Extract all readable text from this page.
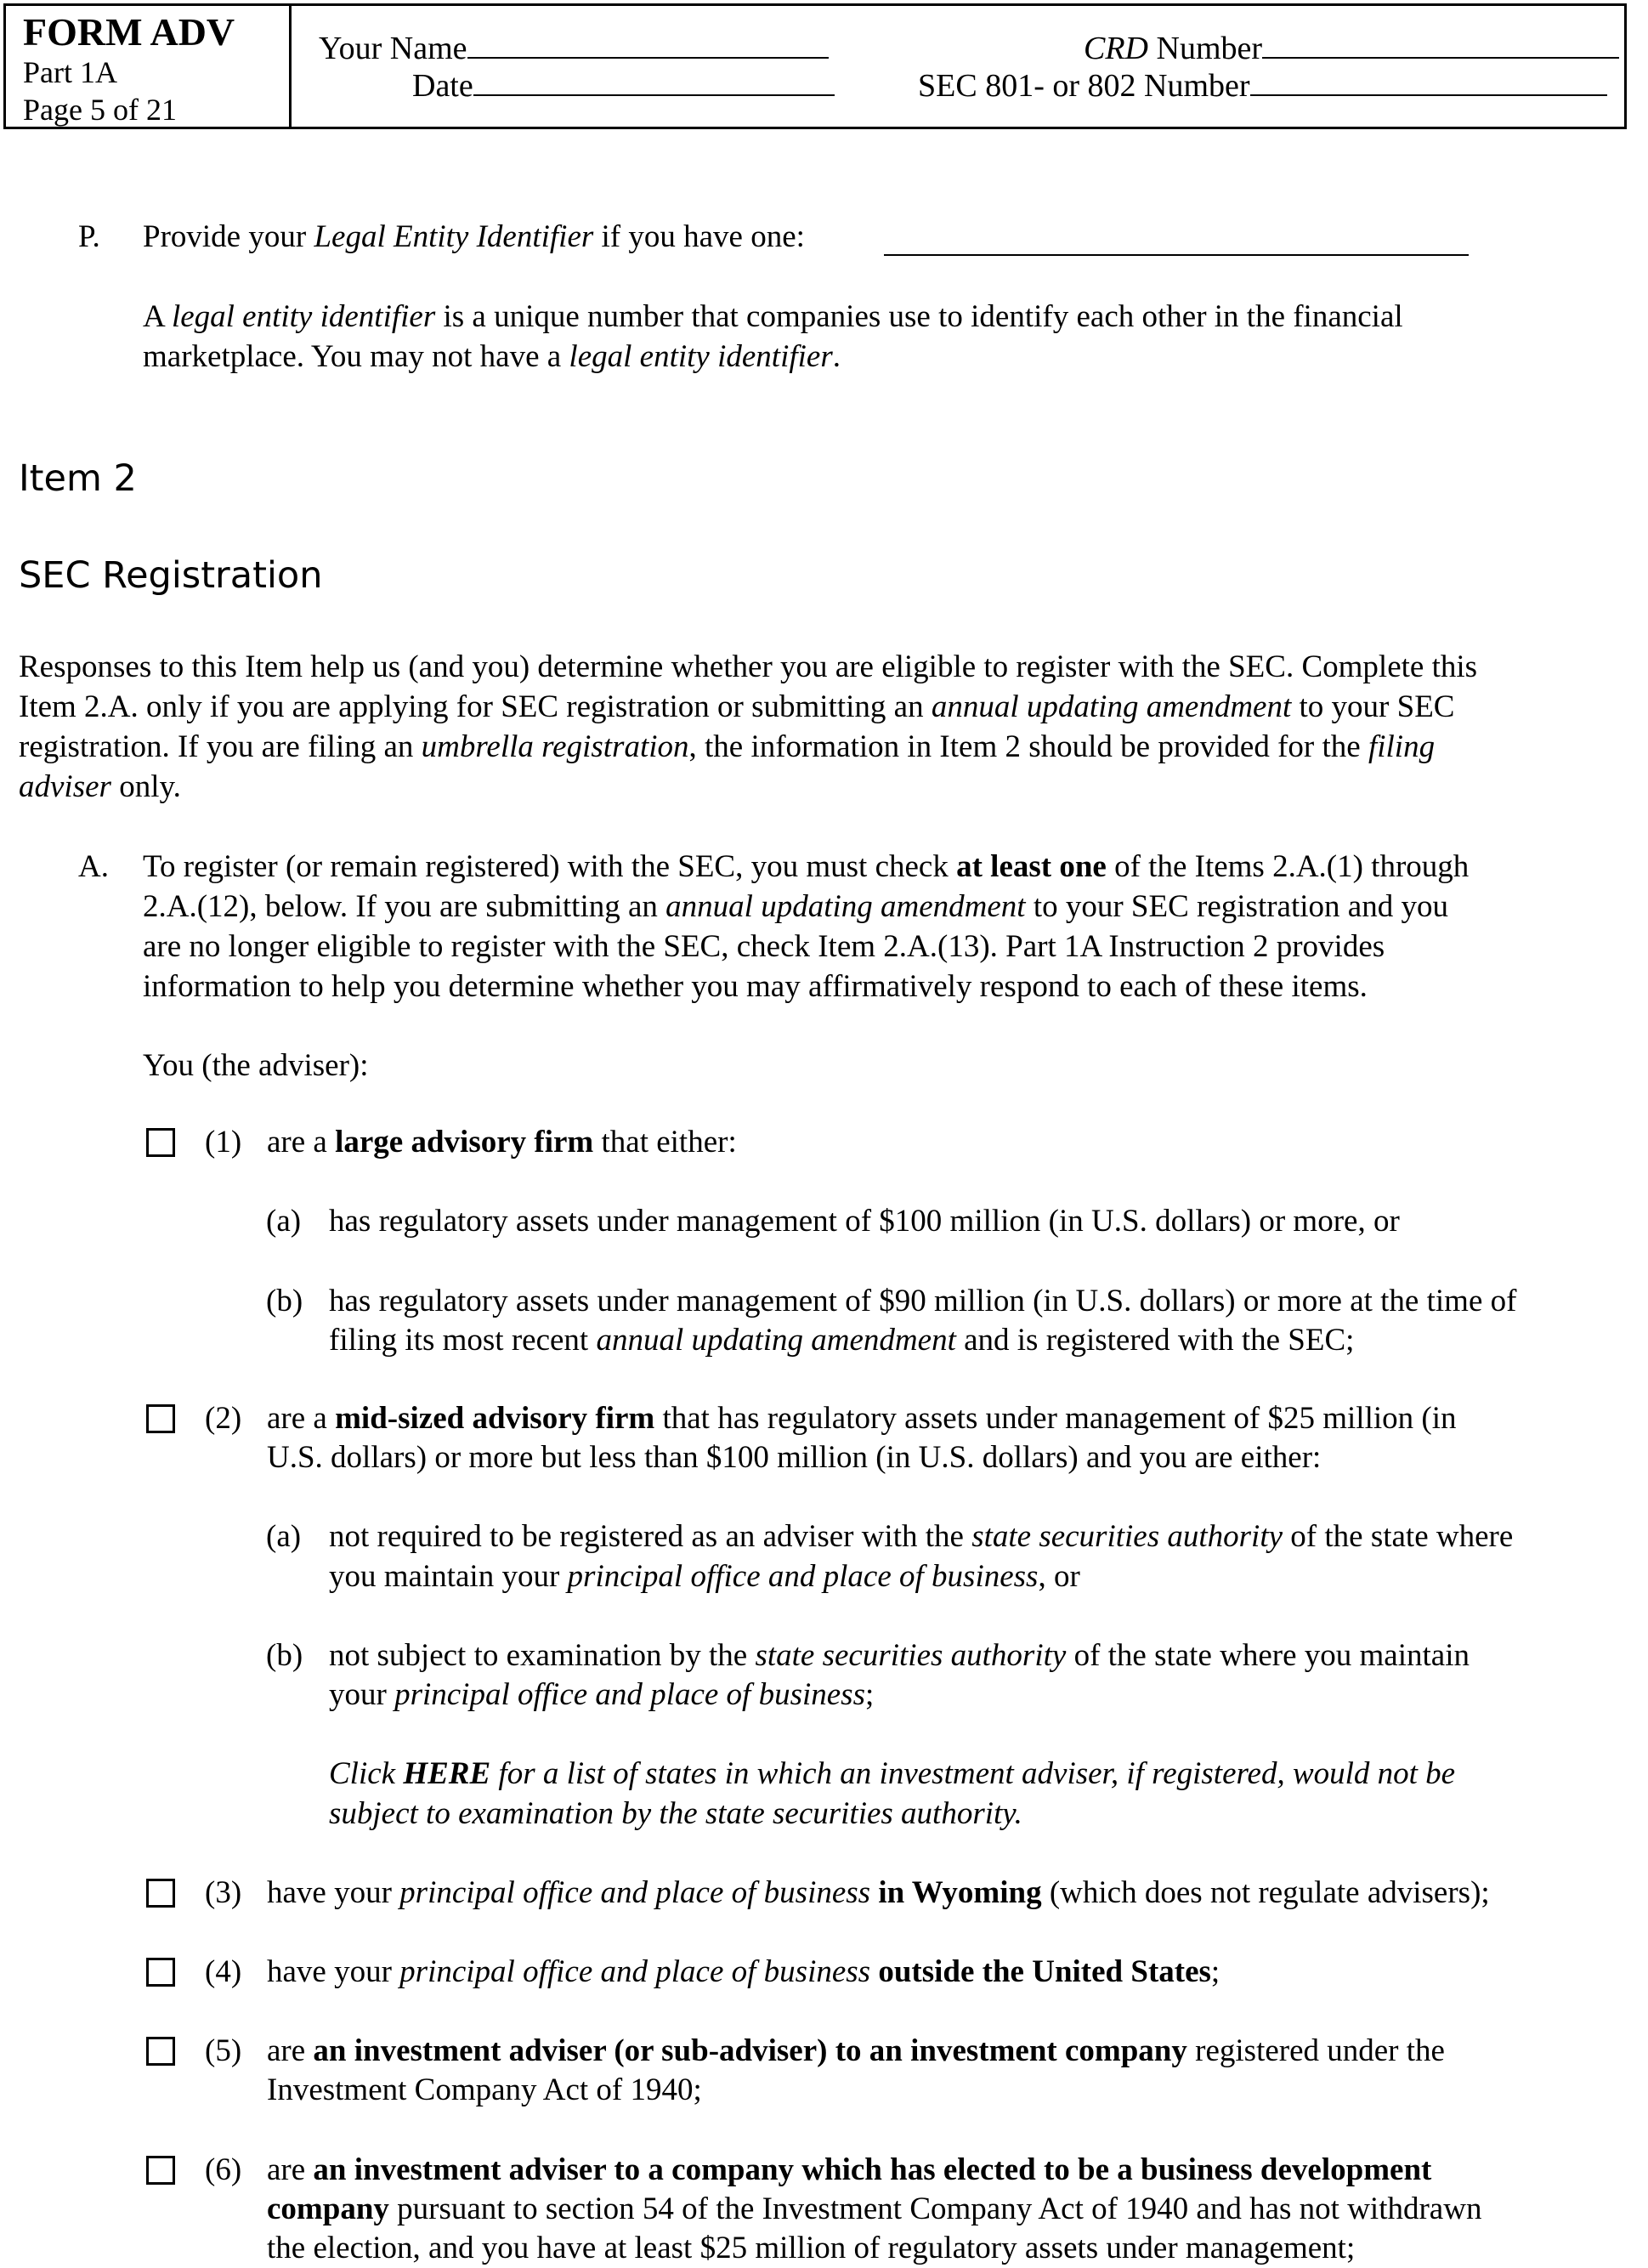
FORM ADV
Part 1A
Page 5 of 21
Your Name
Date
CRD Number
SEC 801- or 802 Number
P. Provide your Legal Entity Identifier if you have one:
A legal entity identifier is a unique number that companies use to identify each other in the financial
marketplace. You may not have a legal entity identifier.
Item 2
SEC Registration
Responses to this Item help us (and you) determine whether you are eligible to register with the SEC. Complete this
Item 2.A. only if you are applying for SEC registration or submitting an annual updating amendment to your SEC
registration. If you are filing an umbrella registration, the information in Item 2 should be provided for the filing
adviser only.
A. To register (or remain registered) with the SEC, you must check at least one of the Items 2.A.(1) through
2.A.(12), below. If you are submitting an annual updating amendment to your SEC registration and you
are no longer eligible to register with the SEC, check Item 2.A.(13). Part 1A Instruction 2 provides
information to help you determine whether you may affirmatively respond to each of these items.
You (the adviser):
(1) are a large advisory firm that either:
(a) has regulatory assets under management of $100 million (in U.S. dollars) or more, or
(b) has regulatory assets under management of $90 million (in U.S. dollars) or more at the time of
filing its most recent annual updating amendment and is registered with the SEC;
(2) are a mid-sized advisory firm that has regulatory assets under management of $25 million (in
U.S. dollars) or more but less than $100 million (in U.S. dollars) and you are either:
(a) not required to be registered as an adviser with the state securities authority of the state where
you maintain your principal office and place of business, or
(b) not subject to examination by the state securities authority of the state where you maintain
your principal office and place of business;
Click HERE for a list of states in which an investment adviser, if registered, would not be
subject to examination by the state securities authority.
(3) have your principal office and place of business in Wyoming (which does not regulate advisers);
(4) have your principal office and place of business outside the United States;
(5) are an investment adviser (or sub-adviser) to an investment company registered under the
Investment Company Act of 1940;
(6) are an investment adviser to a company which has elected to be a business development
company pursuant to section 54 of the Investment Company Act of 1940 and has not withdrawn
the election, and you have at least $25 million of regulatory assets under management;
